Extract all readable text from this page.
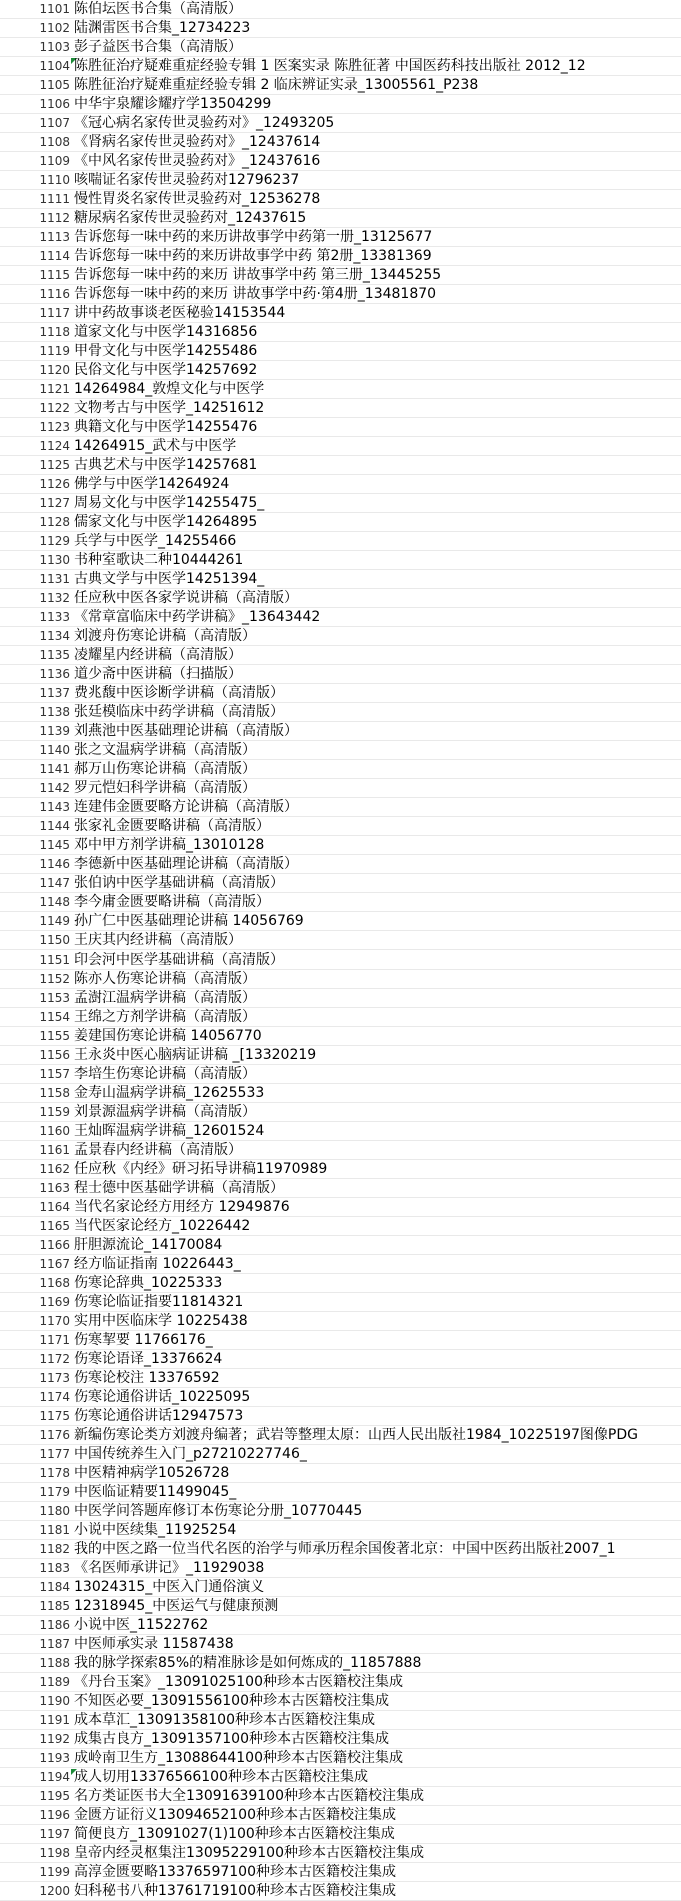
1101 陈伯坛医书合集（高清版）
1102 陆渊雷医书合集_12734223
1103 彭子益医书合集（高清版）
1104 陈胜征治疗疑难重症经验专辑 1 医案实录 陈胜征著 中国医药科技出版社 2012_12
1105 陈胜征治疗疑难重症经验专辑 2 临床辨证实录_13005561_P238
1106 中华宇泉耀诊耀疗学13504299
1107 《冠心病名家传世灵验药对》_12493205
1108 《肾病名家传世灵验药对》_12437614
1109 《中风名家传世灵验药对》_12437616
1110 咳喘证名家传世灵验药对12796237
1111 慢性胃炎名家传世灵验药对_12536278
1112 糖尿病名家传世灵验药对_12437615
1113 告诉您每一味中药的来历讲故事学中药第一册_13125677
1114 告诉您每一味中药的来历讲故事学中药 第2册_13381369
1115 告诉您每一味中药的来历 讲故事学中药 第三册_13445255
1116 告诉您每一味中药的来历 讲故事学中药·第4册_13481870
1117 讲中药故事谈老医秘验14153544
1118 道家文化与中医学14316856
1119 甲骨文化与中医学14255486
1120 民俗文化与中医学14257692
1121 14264984_敦煌文化与中医学
1122 文物考古与中医学_14251612
1123 典籍文化与中医学14255476
1124 14264915_武术与中医学
1125 古典艺术与中医学14257681
1126 佛学与中医学14264924
1127 周易文化与中医学14255475_
1128 儒家文化与中医学14264895
1129 兵学与中医学_14255466
1130 书种室歌诀二种10444261
1131 古典文学与中医学14251394_
1132 任应秋中医各家学说讲稿（高清版）
1133 《常章富临床中药学讲稿》_13643442
1134 刘渡舟伤寒论讲稿（高清版）
1135 凌耀星内经讲稿（高清版）
1136 道少斋中医讲稿（扫描版）
1137 费兆馥中医诊断学讲稿（高清版）
1138 张廷模临床中药学讲稿（高清版）
1139 刘燕池中医基础理论讲稿（高清版）
1140 张之文温病学讲稿（高清版）
1141 郝万山伤寒论讲稿（高清版）
1142 罗元恺妇科学讲稿（高清版）
1143 连建伟金匮要略方论讲稿（高清版）
1144 张家礼金匮要略讲稿（高清版）
1145 邓中甲方剂学讲稿_13010128
1146 李德新中医基础理论讲稿（高清版）
1147 张伯讷中医学基础讲稿（高清版）
1148 李今庸金匮要略讲稿（高清版）
1149 孙广仁中医基础理论讲稿 14056769
1150 王庆其内经讲稿（高清版）
1151 印会河中医学基础讲稿（高清版）
1152 陈亦人伤寒论讲稿（高清版）
1153 孟澍江温病学讲稿（高清版）
1154 王绵之方剂学讲稿（高清版）
1155 姜建国伤寒论讲稿 14056770
1156 王永炎中医心脑病证讲稿 _[13320219
1157 李培生伤寒论讲稿（高清版）
1158 金寿山温病学讲稿_12625533
1159 刘景源温病学讲稿（高清版）
1160 王灿晖温病学讲稿_12601524
1161 孟景春内经讲稿（高清版）
1162 任应秋《内经》研习拓导讲稿11970989
1163 程士德中医基础学讲稿（高清版）
1164 当代名家论经方用经方 12949876
1165 当代医家论经方_10226442
1166 肝胆源流论_14170084
1167 经方临证指南 10226443_
1168 伤寒论辞典_10225333
1169 伤寒论临证指要11814321
1170 实用中医临床学 10225438
1171 伤寒挈要 11766176_
1172 伤寒论语译_13376624
1173 伤寒论校注 13376592
1174 伤寒论通俗讲话_10225095
1175 伤寒论通俗讲话12947573
1176 新编伤寒论类方刘渡舟编著；武岩等整理太原：山西人民出版社1984_10225197图像PDG
1177 中国传统养生入门_p27210227746_
1178 中医精神病学10526728
1179 中医临证精要11499045_
1180 中医学问答题库修订本伤寒论分册_10770445
1181 小说中医续集_11925254
1182 我的中医之路一位当代名医的治学与师承历程余国俊著北京：中国中医药出版社2007_1
1183 《名医师承讲记》_11929038
1184 13024315_中医入门通俗演义
1185 12318945_中医运气与健康预测
1186 小说中医_11522762
1187 中医师承实录 11587438
1188 我的脉学探索85%的精准脉诊是如何炼成的_11857888
1189 《丹台玉案》_13091025100种珍本古医籍校注集成
1190 不知医必要_13091556100种珍本古医籍校注集成
1191 成本草汇_13091358100种珍本古医籍校注集成
1192 成集古良方_13091357100种珍本古医籍校注集成
1193 成岭南卫生方_13088644100种珍本古医籍校注集成
1194 成人切用13376566100种珍本古医籍校注集成
1195 名方类证医书大全13091639100种珍本古医籍校注集成
1196 金匮方证衍义13094652100种珍本古医籍校注集成
1197 简便良方_13091027(1)100种珍本古医籍校注集成
1198 皇帝内经灵枢集注13095229100种珍本古医籍校注集成
1199 高淳金匮要略13376597100种珍本古医籍校注集成
1200 妇科秘书八种13761719100种珍本古医籍校注集成
